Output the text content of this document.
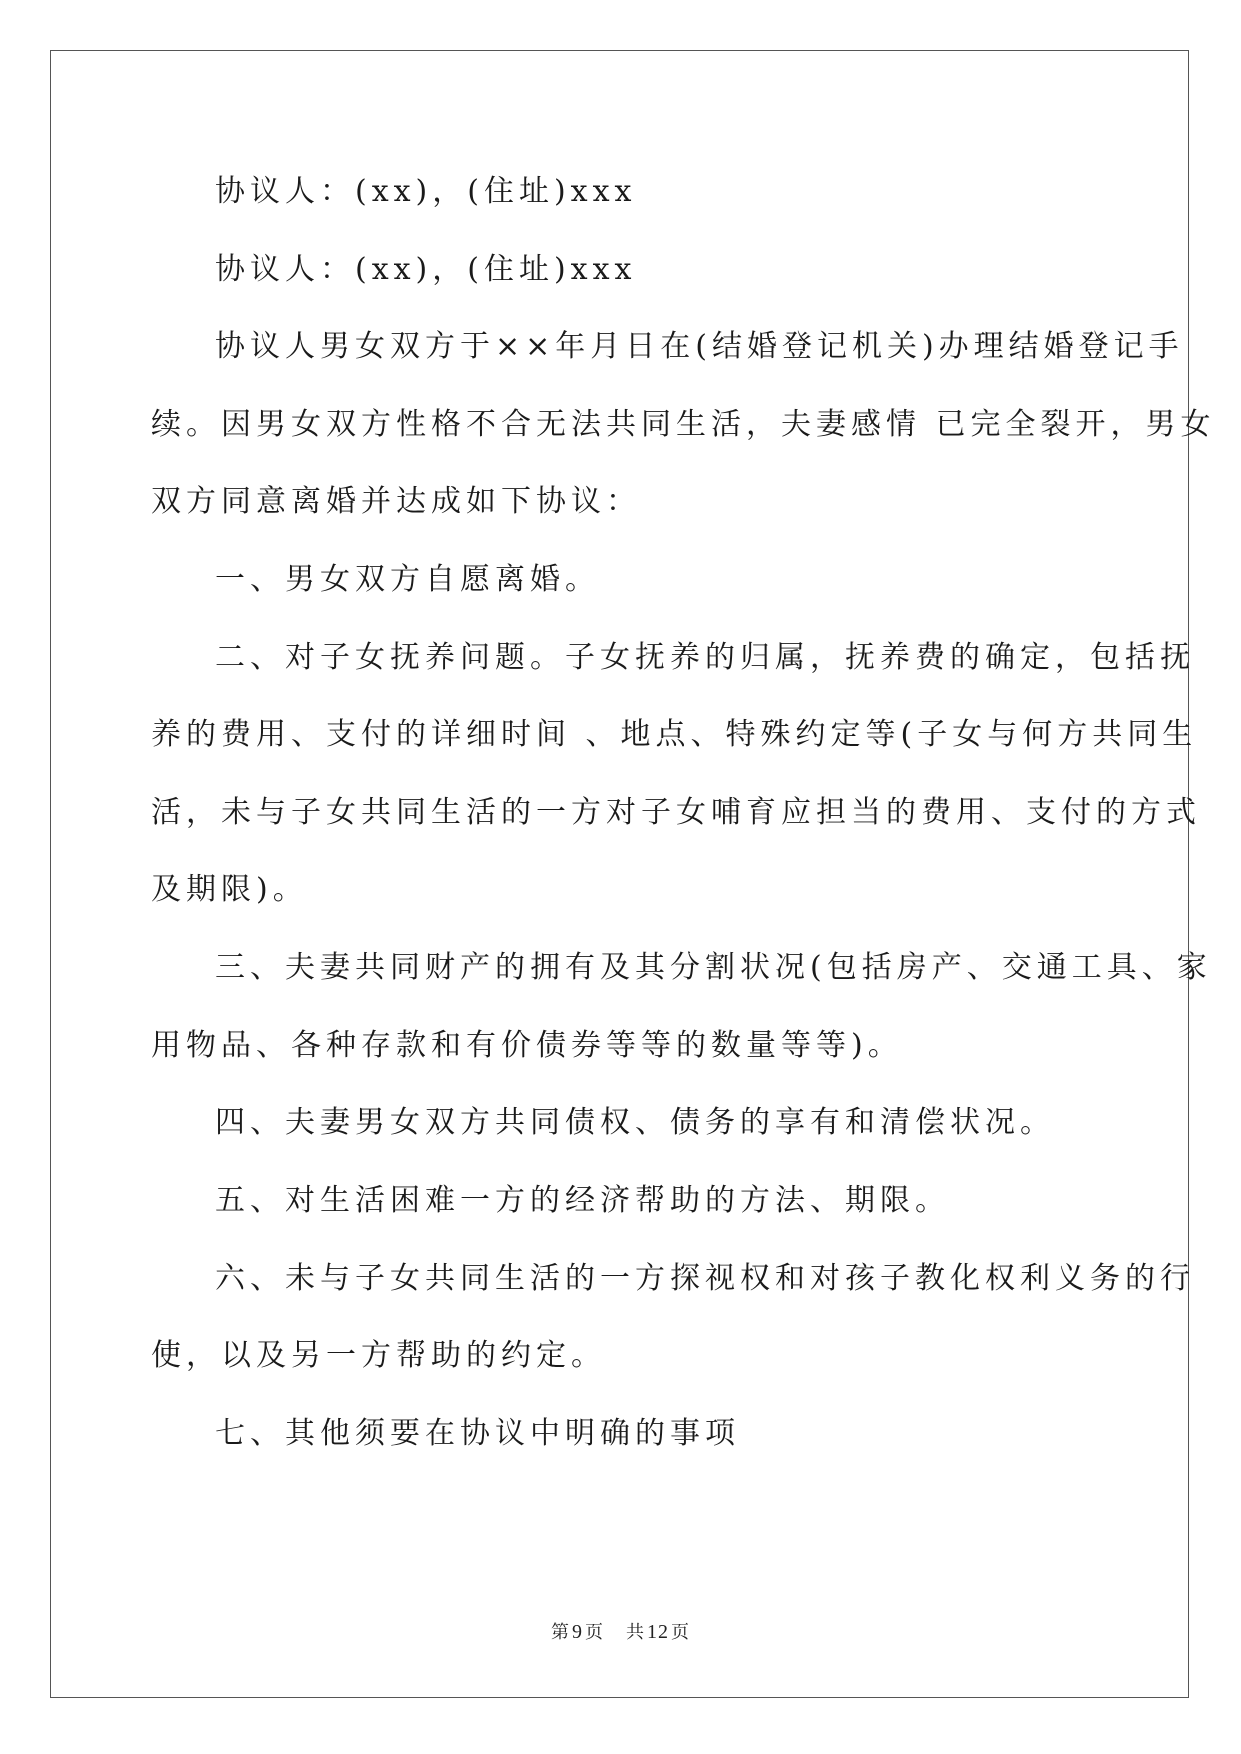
协议人：(xx)，(住址)xxx
协议人：(xx)，(住址)xxx
协议人男女双方于××年月日在(结婚登记机关)办理结婚登记手
续。因男女双方性格不合无法共同生活，夫妻感情 已完全裂开，男女
双方同意离婚并达成如下协议：
一、男女双方自愿离婚。
二、对子女抚养问题。子女抚养的归属，抚养费的确定，包括抚
养的费用、支付的详细时间 、地点、特殊约定等(子女与何方共同生
活，未与子女共同生活的一方对子女哺育应担当的费用、支付的方式
及期限)。
三、夫妻共同财产的拥有及其分割状况(包括房产、交通工具、家
用物品、各种存款和有价债券等等的数量等等)。
四、夫妻男女双方共同债权、债务的享有和清偿状况。
五、对生活困难一方的经济帮助的方法、期限。
六、未与子女共同生活的一方探视权和对孩子教化权利义务的行
使，以及另一方帮助的约定。
七、其他须要在协议中明确的事项
第 9 页 共 12 页
